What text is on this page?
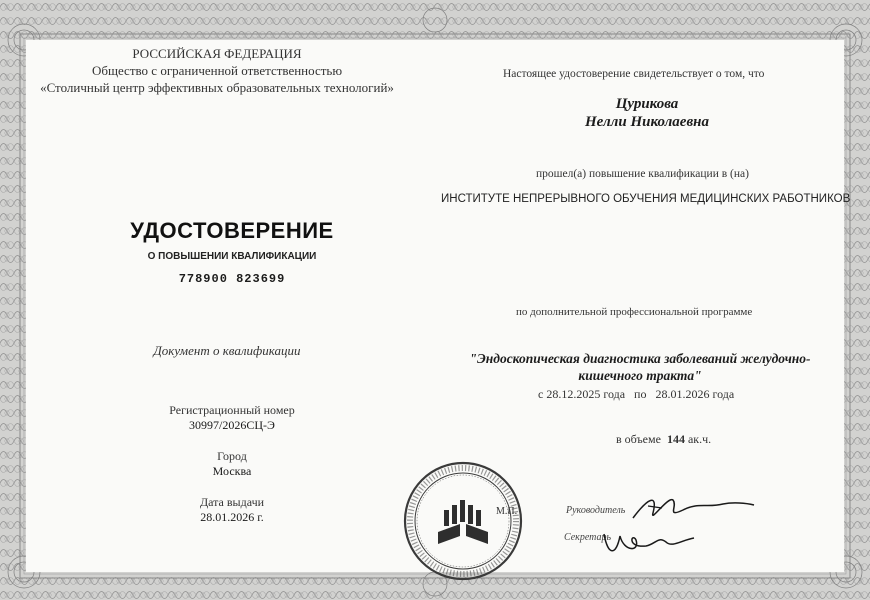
РОССИЙСКАЯ ФЕДЕРАЦИЯ
Общество с ограниченной ответственностью
«Столичный центр эффективных образовательных технологий»
УДОСТОВЕРЕНИЕ
О ПОВЫШЕНИИ КВАЛИФИКАЦИИ
778900 823699
Документ о квалификации
Регистрационный номер
30997/2026СЦ-Э
Город
Москва
Дата выдачи
28.01.2026 г.
Настоящее удостоверение свидетельствует о том, что
Цурикова
Нелли Николаевна
прошел(а) повышение квалификации в (на)
ИНСТИТУТЕ НЕПРЕРЫВНОГО ОБУЧЕНИЯ МЕДИЦИНСКИХ РАБОТНИКОВ
по дополнительной профессиональной программе
"Эндоскопическая диагностика заболеваний желудочно-
кишечного тракта"
с 28.12.2025 года по 28.01.2026 года
в объеме 144 ак.ч.
М.П.	Руководитель
Секретарь
